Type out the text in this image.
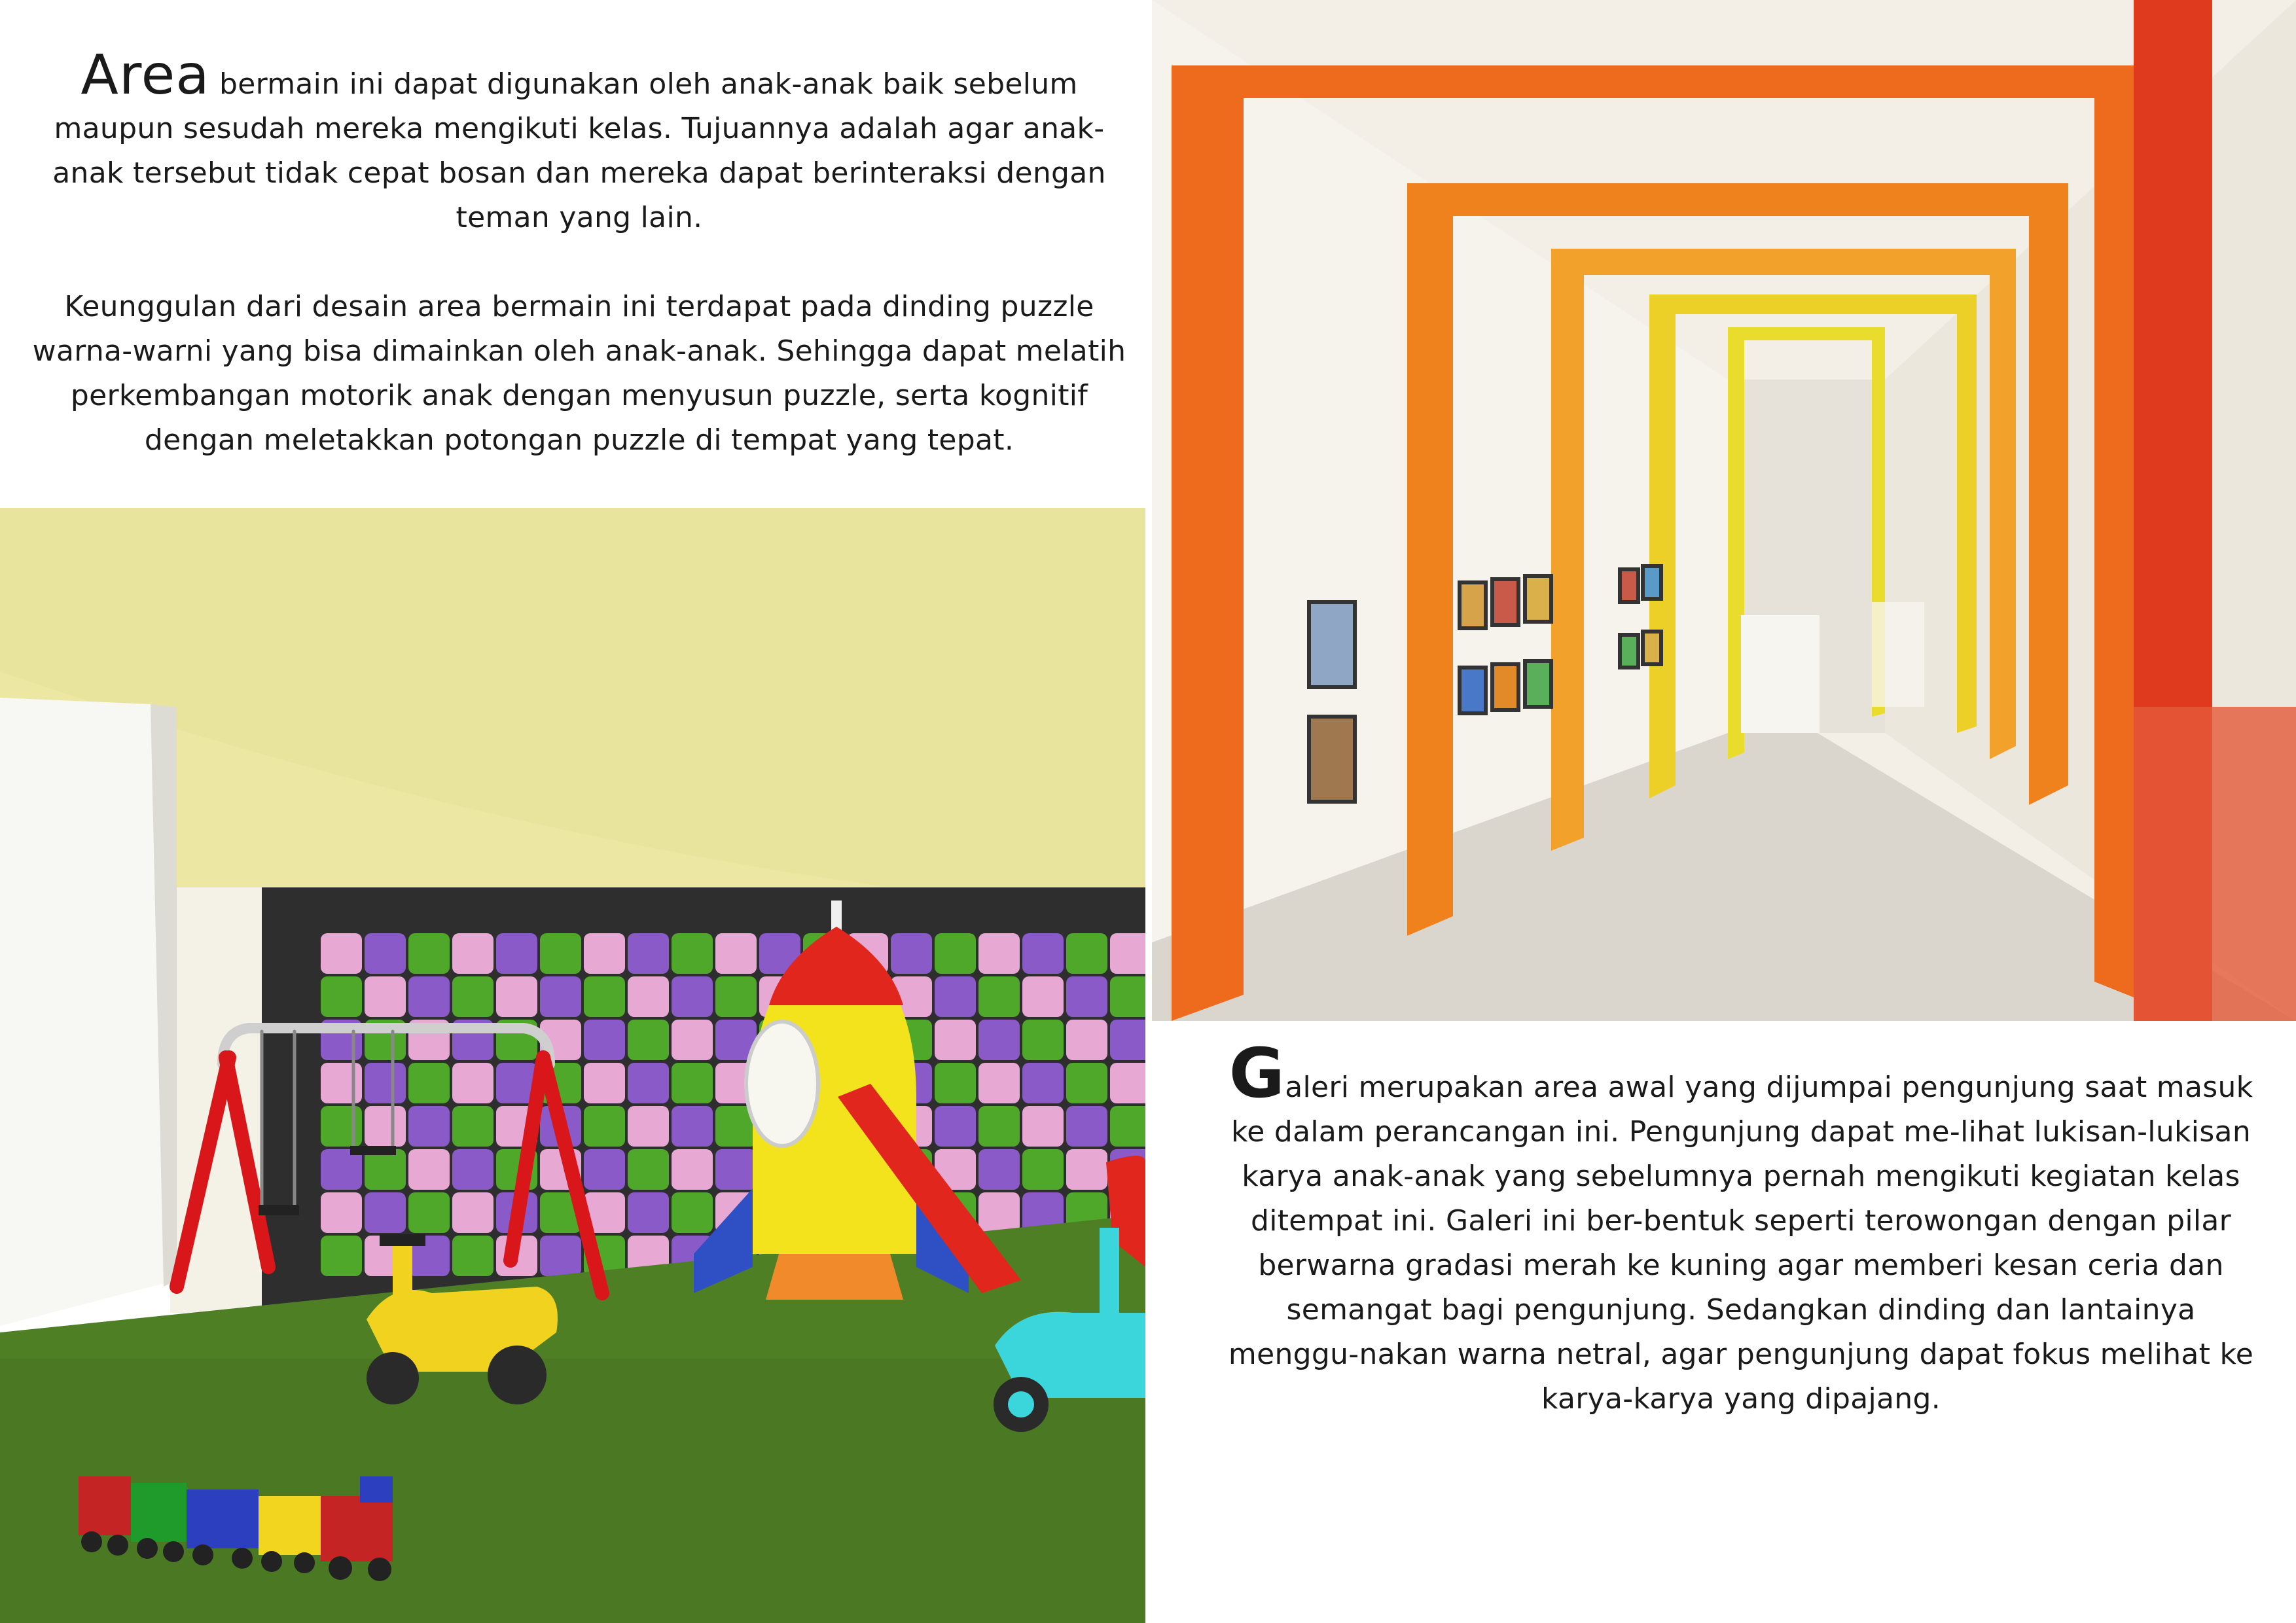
Area bermain ini dapat digunakan oleh anak-anak baik sebelum maupun sesudah mereka mengikuti kelas. Tujuannya adalah agar anak-anak tersebut tidak cepat bosan dan mereka dapat berinteraksi dengan teman yang lain.

Keunggulan dari desain area bermain ini terdapat pada dinding puzzle warna-warni yang bisa dimainkan oleh anak-anak. Sehingga dapat melatih perkembangan motorik anak dengan menyusun puzzle, serta kognitif dengan meletakkan potongan puzzle di tempat yang tepat.

Galeri merupakan area awal yang dijumpai pengunjung saat masuk ke dalam perancangan ini. Pengunjung dapat me-lihat lukisan-lukisan karya anak-anak yang sebelumnya pernah mengikuti kegiatan kelas ditempat ini. Galeri ini ber-bentuk seperti terowongan dengan pilar berwarna gradasi merah ke kuning agar memberi kesan ceria dan semangat bagi pengunjung. Sedangkan dinding dan lantainya menggu-nakan warna netral, agar pengunjung dapat fokus melihat ke karya-karya yang dipajang.
